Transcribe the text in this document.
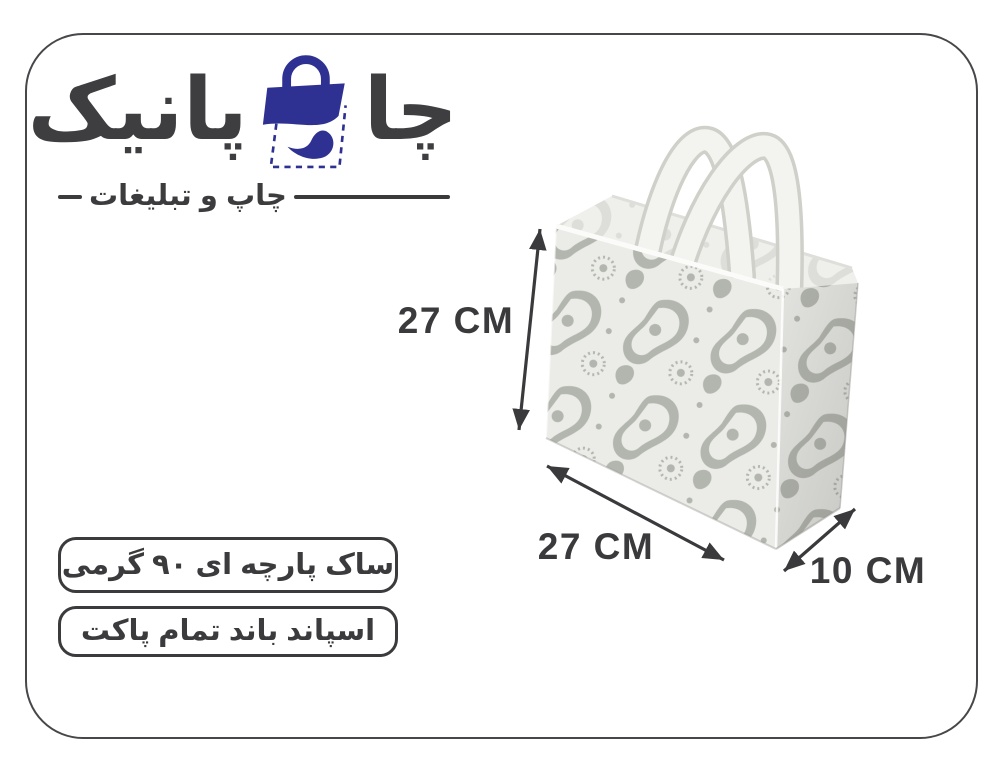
چا
پانیک
چاپ و تبلیغات
27 CM
27 CM
10 CM
ساک پارچه ای ۹۰ گرمی
اسپاند باند تمام پاکت
